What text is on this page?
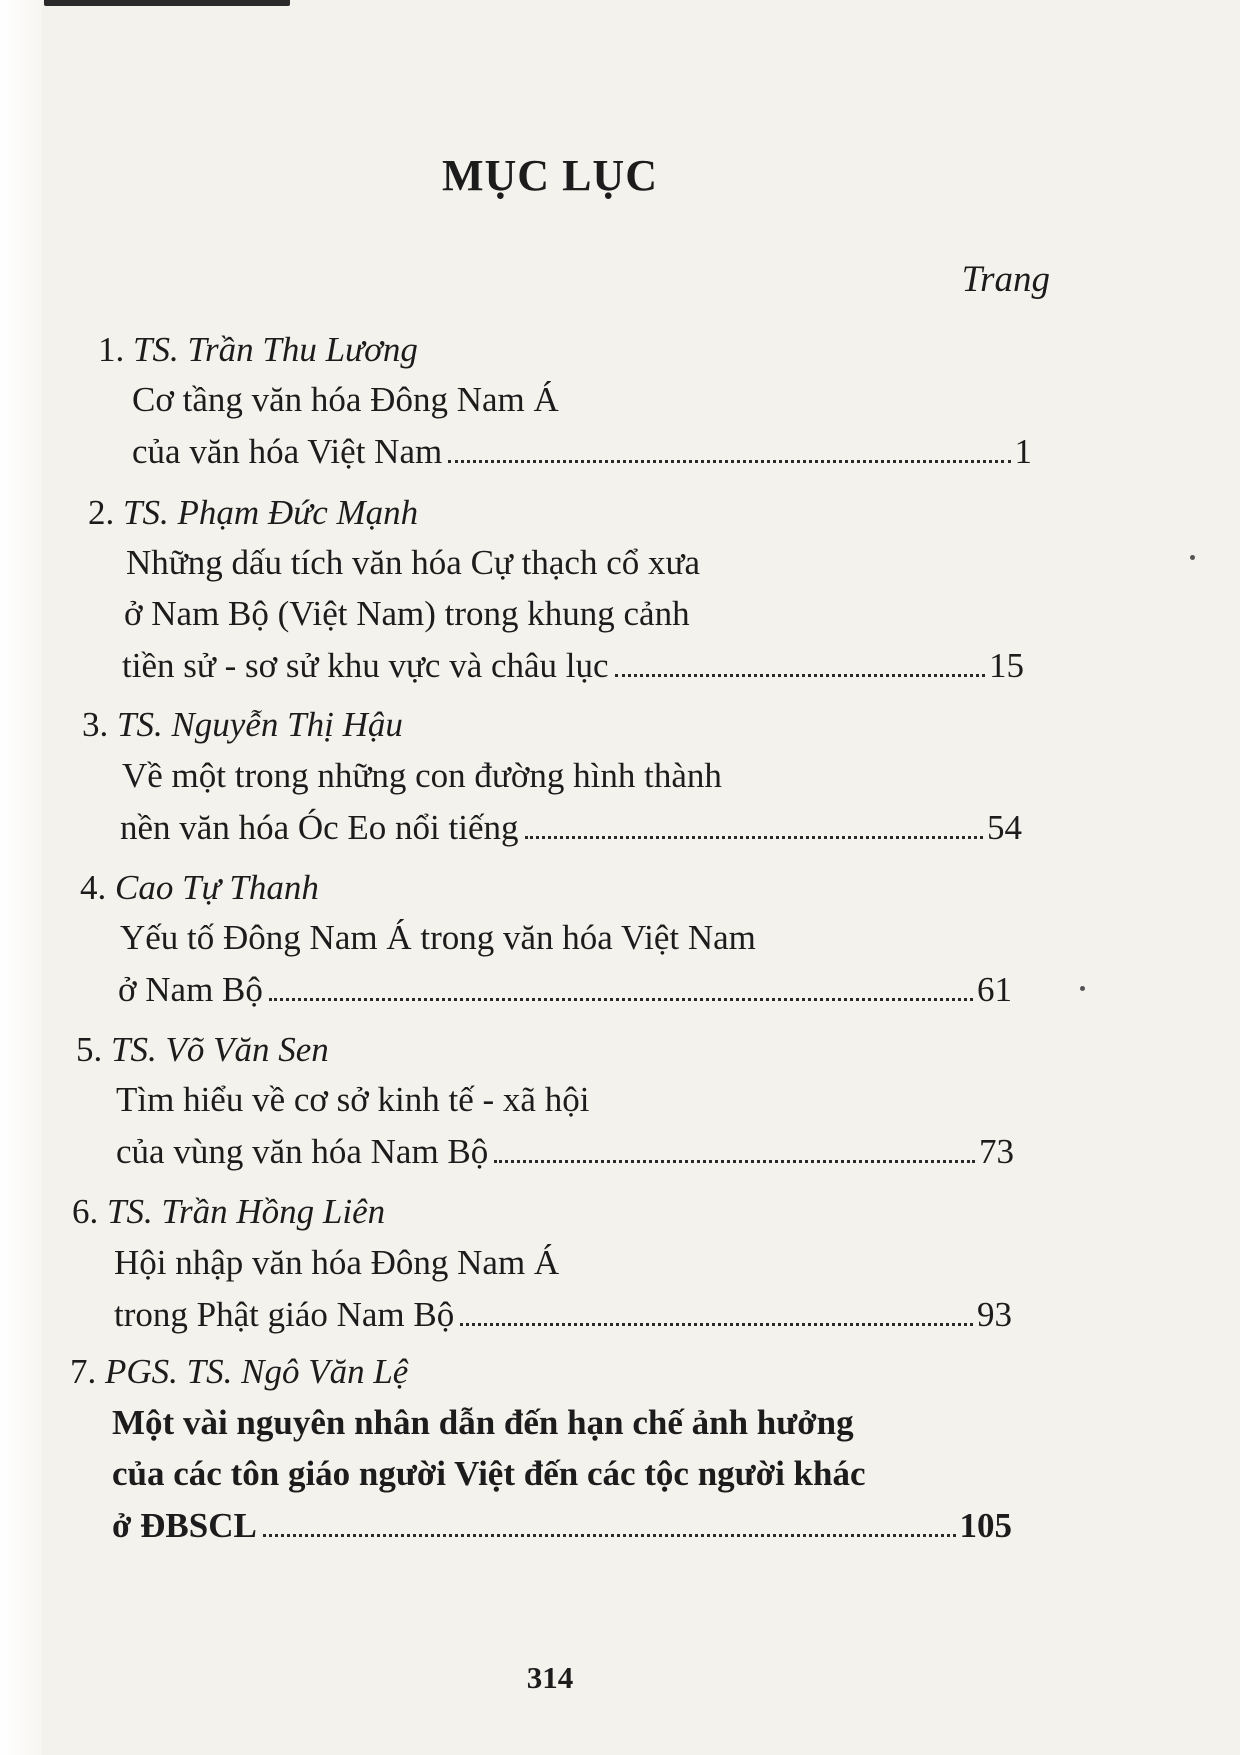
MỤC LỤC
Trang
1. TS. Trần Thu Lương
Cơ tầng văn hóa Đông Nam Á
của văn hóa Việt Nam	1
2. TS. Phạm Đức Mạnh
Những dấu tích văn hóa Cự thạch cổ xưa
ở Nam Bộ (Việt Nam) trong khung cảnh
tiền sử - sơ sử khu vực và châu lục	15
3. TS. Nguyễn Thị Hậu
Về một trong những con đường hình thành
nền văn hóa Óc Eo nổi tiếng	54
4. Cao Tự Thanh
Yếu tố Đông Nam Á trong văn hóa Việt Nam
ở Nam Bộ	61
5. TS. Võ Văn Sen
Tìm hiểu về cơ sở kinh tế - xã hội
của vùng văn hóa Nam Bộ	73
6. TS. Trần Hồng Liên
Hội nhập văn hóa Đông Nam Á
trong Phật giáo Nam Bộ	93
7. PGS. TS. Ngô Văn Lệ
Một vài nguyên nhân dẫn đến hạn chế ảnh hưởng
của các tôn giáo người Việt đến các tộc người khác
ở ĐBSCL	105
314
